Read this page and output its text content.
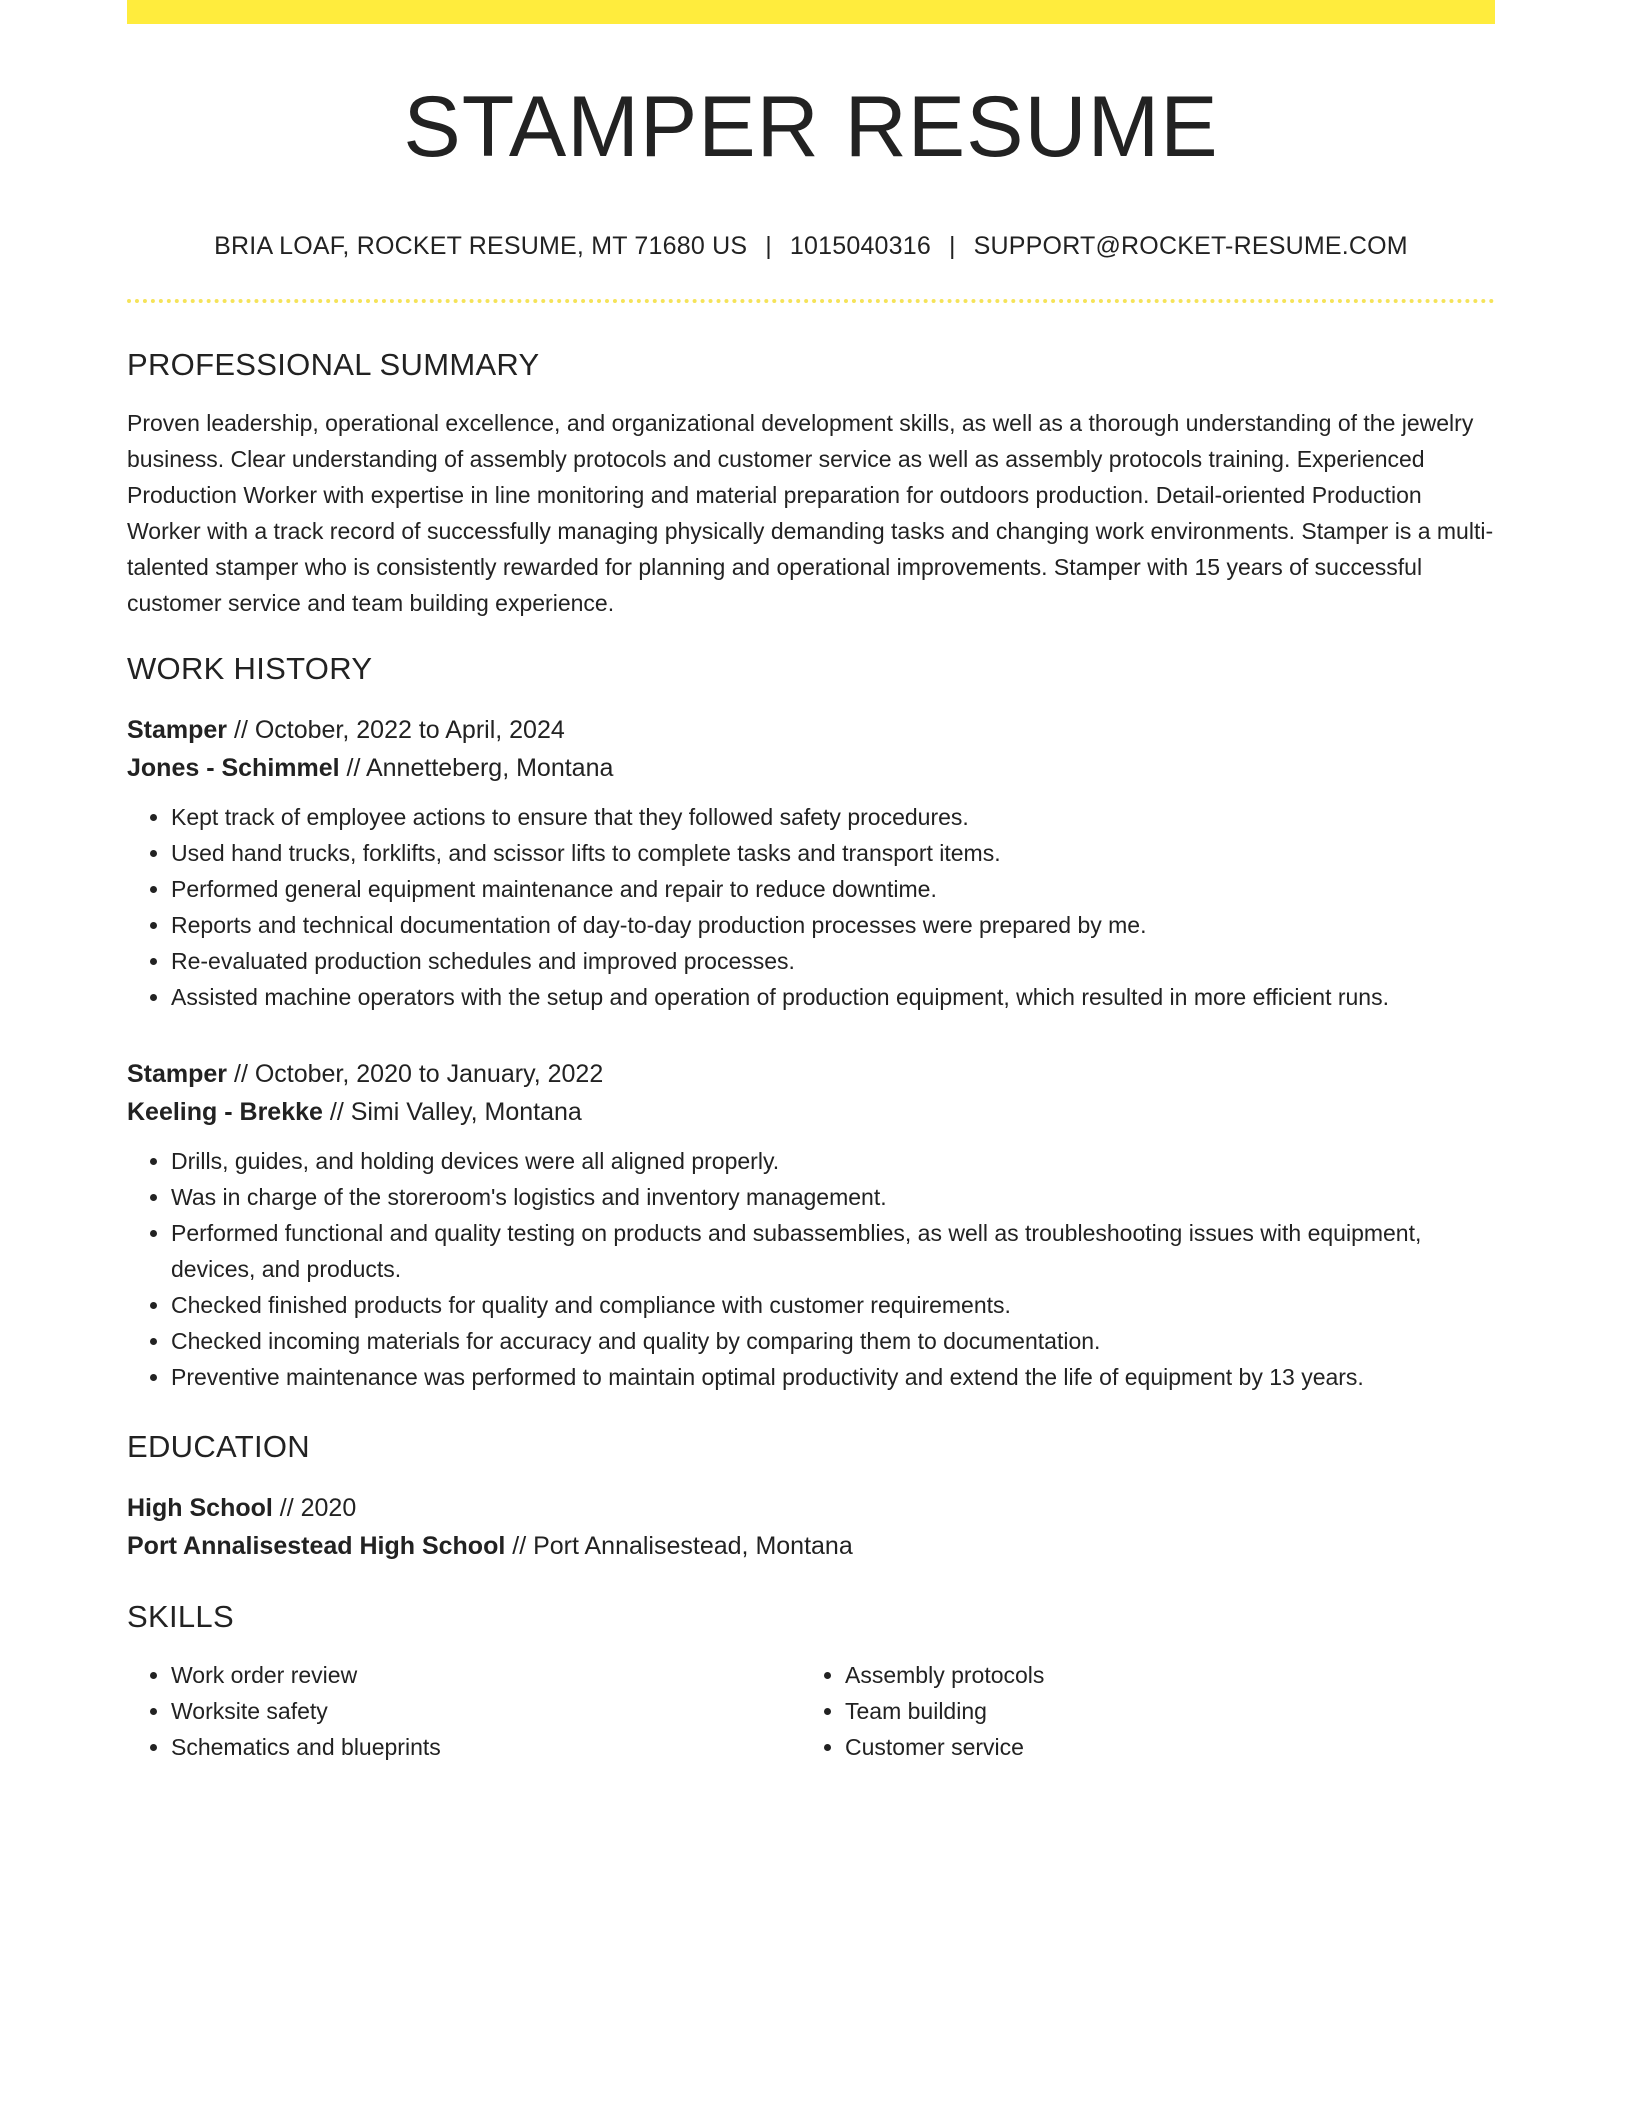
STAMPER RESUME
BRIA LOAF, ROCKET RESUME, MT 71680 US | 1015040316 | SUPPORT@ROCKET-RESUME.COM
PROFESSIONAL SUMMARY
Proven leadership, operational excellence, and organizational development skills, as well as a thorough understanding of the jewelry business. Clear understanding of assembly protocols and customer service as well as assembly protocols training. Experienced Production Worker with expertise in line monitoring and material preparation for outdoors production. Detail-oriented Production Worker with a track record of successfully managing physically demanding tasks and changing work environments. Stamper is a multi-talented stamper who is consistently rewarded for planning and operational improvements. Stamper with 15 years of successful customer service and team building experience.
WORK HISTORY
Stamper // October, 2022 to April, 2024
Jones - Schimmel // Annetteberg, Montana
• Kept track of employee actions to ensure that they followed safety procedures.
• Used hand trucks, forklifts, and scissor lifts to complete tasks and transport items.
• Performed general equipment maintenance and repair to reduce downtime.
• Reports and technical documentation of day-to-day production processes were prepared by me.
• Re-evaluated production schedules and improved processes.
• Assisted machine operators with the setup and operation of production equipment, which resulted in more efficient runs.
Stamper // October, 2020 to January, 2022
Keeling - Brekke // Simi Valley, Montana
• Drills, guides, and holding devices were all aligned properly.
• Was in charge of the storeroom's logistics and inventory management.
• Performed functional and quality testing on products and subassemblies, as well as troubleshooting issues with equipment, devices, and products.
• Checked finished products for quality and compliance with customer requirements.
• Checked incoming materials for accuracy and quality by comparing them to documentation.
• Preventive maintenance was performed to maintain optimal productivity and extend the life of equipment by 13 years.
EDUCATION
High School // 2020
Port Annalisestead High School // Port Annalisestead, Montana
SKILLS
• Work order review
• Worksite safety
• Schematics and blueprints
• Assembly protocols
• Team building
• Customer service
